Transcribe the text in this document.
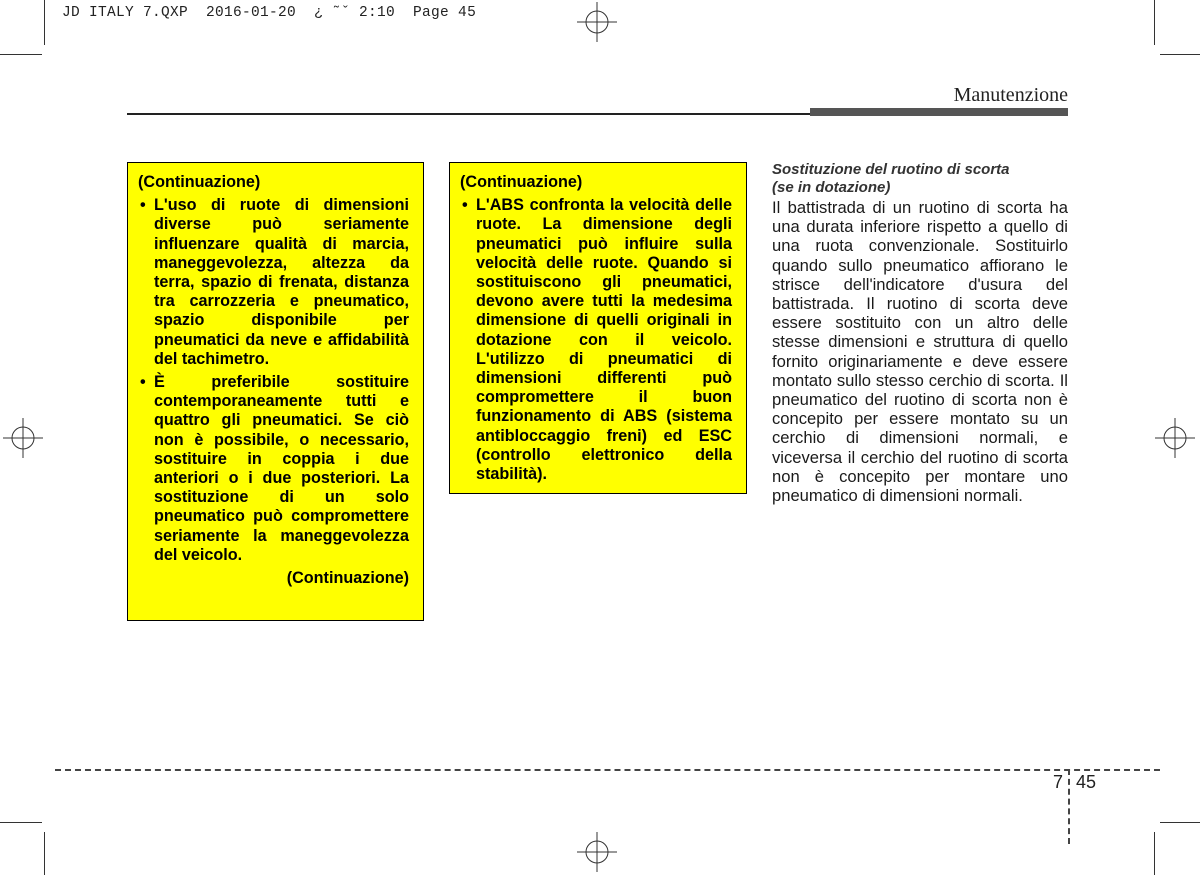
JD ITALY 7.QXP  2016-01-20  ¿ ˜ˇ 2:10  Page 45
Manutenzione

(Continuazione)

• L'uso di ruote di dimensioni diverse può seriamente influenzare qualità di marcia, maneggevolezza, altezza da terra, spazio di frenata, distanza tra carrozzeria e pneumatico, spazio disponibile per pneumatici da neve e affidabilità del tachimetro.
• È preferibile sostituire contemporaneamente tutti e quattro gli pneumatici. Se ciò non è possibile, o necessario, sostituire in coppia i due anteriori o i due posteriori. La sostituzione di un solo pneumatico può compromettere seriamente la maneggevolezza del veicolo.
(Continuazione)

(Continuazione)

• L'ABS confronta la velocità delle ruote. La dimensione degli pneumatici può influire sulla velocità delle ruote. Quando si sostituiscono gli pneumatici, devono avere tutti la medesima dimensione di quelli originali in dotazione con il veicolo. L'utilizzo di pneumatici di dimensioni differenti può compromettere il buon funzionamento di ABS (sistema antibloccaggio freni) ed ESC (controllo elettronico della stabilità).
Sostituzione del ruotino di scorta
(se in dotazione)

Il battistrada di un ruotino di scorta ha una durata inferiore rispetto a quello di una ruota convenzionale. Sostituirlo quando sullo pneumatico affiorano le strisce dell'indicatore d'usura del battistrada. Il ruotino di scorta deve essere sostituito con un altro delle stesse dimensioni e struttura di quello fornito originariamente e deve essere montato sullo stesso cerchio di scorta. Il pneumatico del ruotino di scorta non è concepito per essere montato su un cerchio di dimensioni normali, e viceversa il cerchio del ruotino di scorta non è concepito per montare uno pneumatico di dimensioni normali.

7 45
